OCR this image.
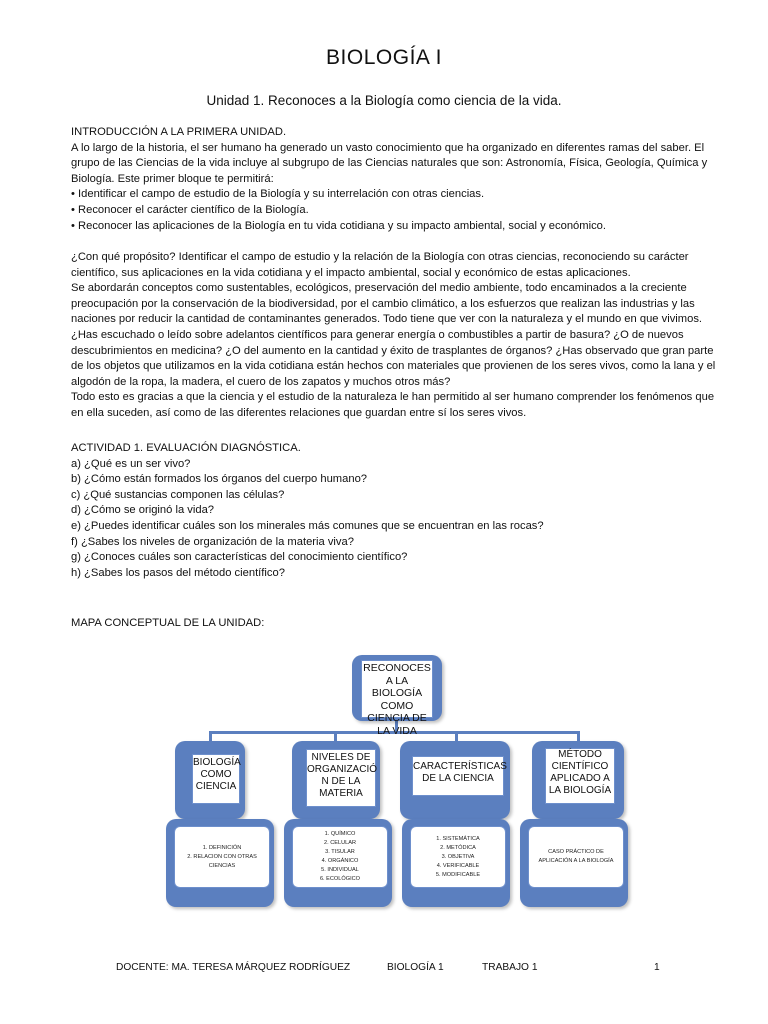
BIOLOGÍA I
Unidad 1. Reconoces a la Biología como ciencia de la vida.
INTRODUCCIÓN A LA PRIMERA UNIDAD.
A lo largo de la historia, el ser humano ha generado un vasto conocimiento que ha organizado en diferentes ramas del saber. El grupo de las Ciencias de la vida incluye al subgrupo de las Ciencias naturales que son: Astronomía, Física, Geología, Química y Biología. Este primer bloque te permitirá:
• Identificar el campo de estudio de la Biología y su interrelación con otras ciencias.
• Reconocer el carácter científico de la Biología.
• Reconocer las aplicaciones de la Biología en tu vida cotidiana y su impacto ambiental, social y económico.
¿Con qué propósito? Identificar el campo de estudio y la relación de la Biología con otras ciencias, reconociendo su carácter científico, sus aplicaciones en la vida cotidiana y el impacto ambiental, social y económico de estas aplicaciones.
Se abordarán conceptos como sustentables, ecológicos, preservación del medio ambiente, todo encaminados a la creciente preocupación por la conservación de la biodiversidad, por el cambio climático, a los esfuerzos que realizan las industrias y las naciones por reducir la cantidad de contaminantes generados. Todo tiene que ver con la naturaleza y el mundo en que vivimos. ¿Has escuchado o leído sobre adelantos científicos para generar energía o combustibles a partir de basura? ¿O de nuevos descubrimientos en medicina? ¿O del aumento en la cantidad y éxito de trasplantes de órganos? ¿Has observado que gran parte de los objetos que utilizamos en la vida cotidiana están hechos con materiales que provienen de los seres vivos, como la lana y el algodón de la ropa, la madera, el cuero de los zapatos y muchos otros más?
Todo esto es gracias a que la ciencia y el estudio de la naturaleza le han permitido al ser humano comprender los fenómenos que en ella suceden, así como de las diferentes relaciones que guardan entre sí los seres vivos.
ACTIVIDAD 1. EVALUACIÓN DIAGNÓSTICA.
a) ¿Qué es un ser vivo?
b) ¿Cómo están formados los órganos del cuerpo humano?
c) ¿Qué sustancias componen las células?
d) ¿Cómo se originó la vida?
e) ¿Puedes identificar cuáles son los minerales más comunes que se encuentran en las rocas?
f) ¿Sabes los niveles de organización de la materia viva?
g) ¿Conoces cuáles son características del conocimiento científico?
h) ¿Sabes los pasos del método científico?
MAPA CONCEPTUAL DE LA UNIDAD:
RECONOCES A LA BIOLOGÍA COMO CIENCIA DE LA VIDA
BIOLOGÍA COMO CIENCIA
NIVELES DE ORGANIZACIÓ N DE LA MATERIA
CARACTERÍSTICAS DE LA CIENCIA
MÉTODO CIENTÍFICO APLICADO A LA BIOLOGÍA
1. DEFINICIÓN
2. RELACION CON OTRAS CIENCIAS
1. QUÍMICO
2. CELULAR
3. TISULAR
4. ORGÁNICO
5. INDIVIDUAL
6. ECOLÓGICO
1. SISTEMÁTICA
2. METÓDICA
3. OBJETIVA
4. VERIFICABLE
5. MODIFICABLE
CASO PRÁCTICO DE APLICACIÓN A LA BIOLOGÍA
DOCENTE: MA. TERESA MÁRQUEZ RODRÍGUEZ	BIOLOGÍA 1	TRABAJO 1	1
